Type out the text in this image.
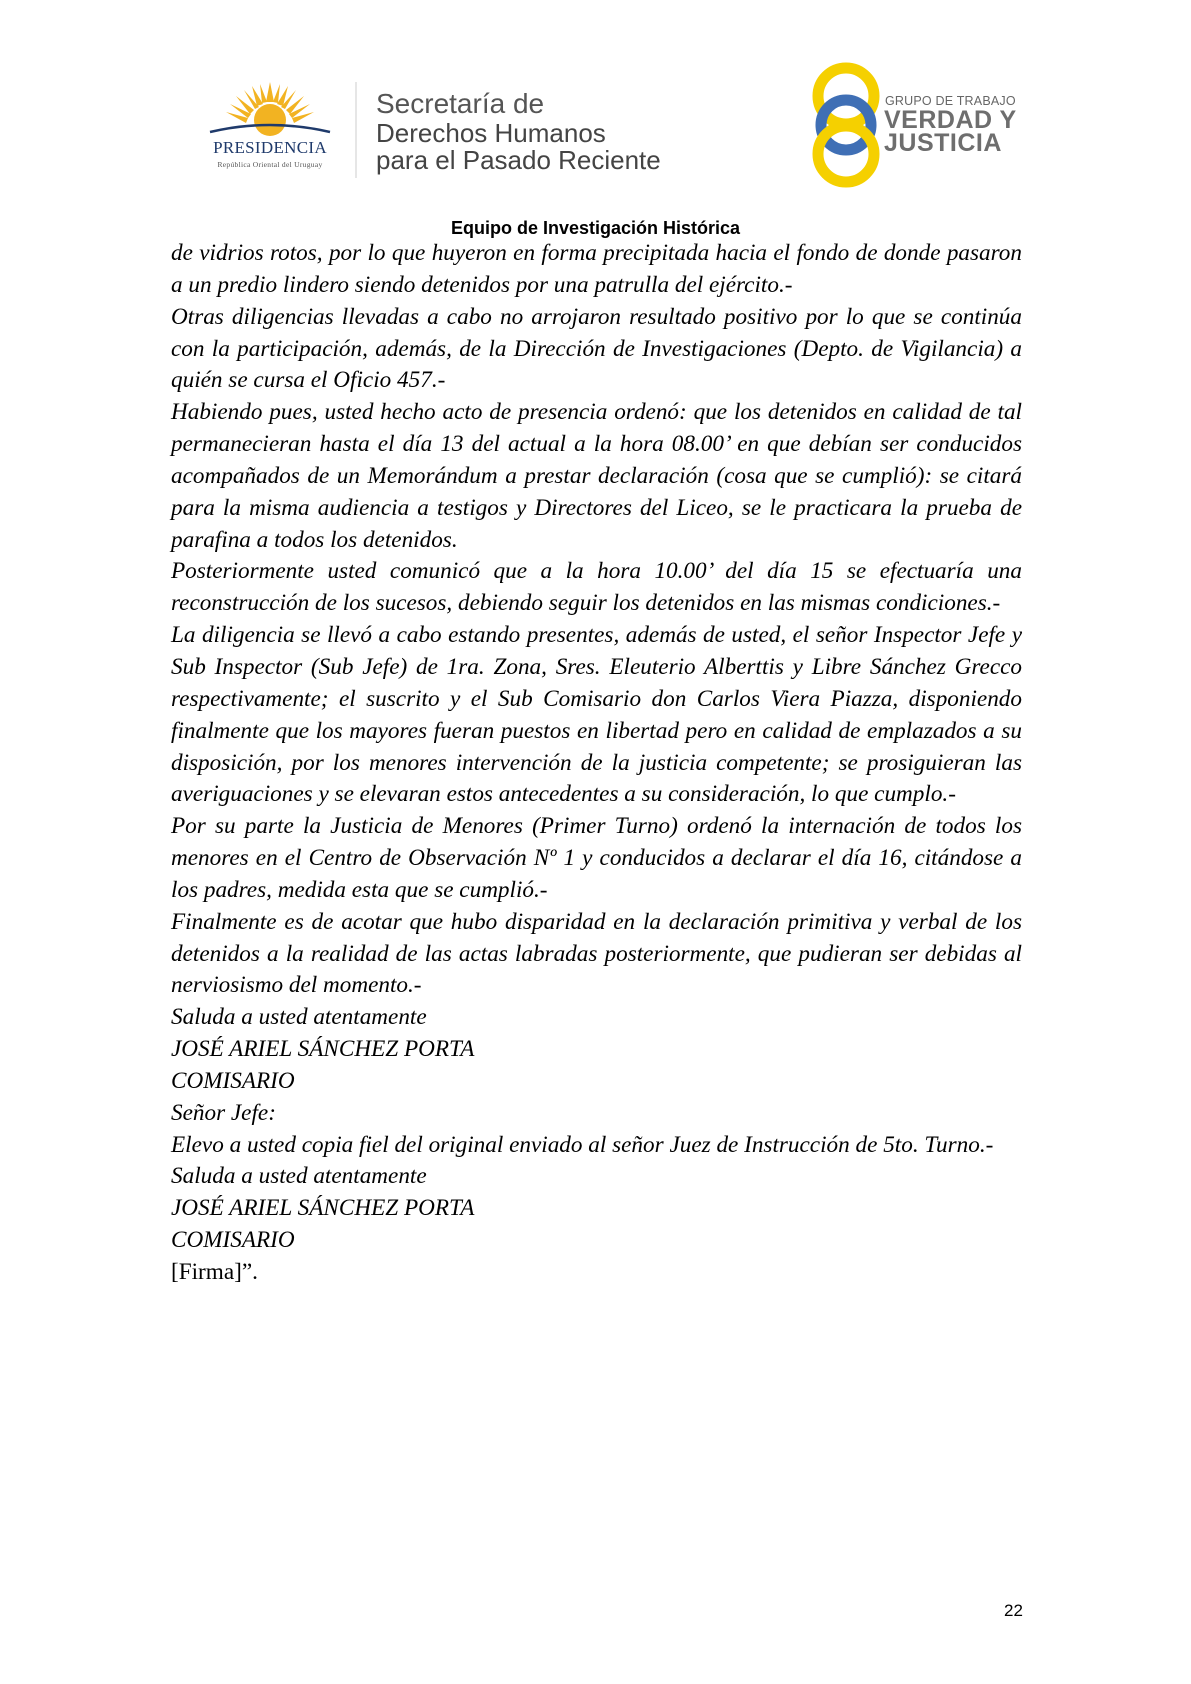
PRESIDENCIA
República Oriental del Uruguay
Secretaría de
Derechos Humanos
para el Pasado Reciente
GRUPO DE TRABAJO
VERDAD Y
JUSTICIA
Equipo de Investigación Histórica

de vidrios rotos, por lo que huyeron en forma precipitada hacia el fondo de donde pasaron a un predio lindero siendo detenidos por una patrulla del ejército.-

Otras diligencias llevadas a cabo no arrojaron resultado positivo por lo que se continúa con la participación, además, de la Dirección de Investigaciones (Depto. de Vigilancia) a quién se cursa el Oficio 457.-

Habiendo pues, usted hecho acto de presencia ordenó: que los detenidos en calidad de tal permanecieran hasta el día 13 del actual a la hora 08.00’ en que debían ser conducidos acompañados de un Memorándum a prestar declaración (cosa que se cumplió): se citará para la misma audiencia a testigos y Directores del Liceo, se le practicara la prueba de parafina a todos los detenidos.

Posteriormente usted comunicó que a la hora 10.00’ del día 15 se efectuaría una reconstrucción de los sucesos, debiendo seguir los detenidos en las mismas condiciones.-

La diligencia se llevó a cabo estando presentes, además de usted, el señor Inspector Jefe y Sub Inspector (Sub Jefe) de 1ra. Zona, Sres. Eleuterio Alberttis y Libre Sánchez Grecco respectivamente; el suscrito y el Sub Comisario don Carlos Viera Piazza, disponiendo finalmente que los mayores fueran puestos en libertad pero en calidad de emplazados a su disposición, por los menores intervención de la justicia competente; se prosiguieran las averiguaciones y se elevaran estos antecedentes a su consideración, lo que cumplo.-

Por su parte la Justicia de Menores (Primer Turno) ordenó la internación de todos los menores en el Centro de Observación Nº 1 y conducidos a declarar el día 16, citándose a los padres, medida esta que se cumplió.-

Finalmente es de acotar que hubo disparidad en la declaración primitiva y verbal de los detenidos a la realidad de las actas labradas posteriormente, que pudieran ser debidas al nerviosismo del momento.-

Saluda a usted atentamente

JOSÉ ARIEL SÁNCHEZ PORTA

COMISARIO

Señor Jefe:

Elevo a usted copia fiel del original enviado al señor Juez de Instrucción de 5to. Turno.-

Saluda a usted atentamente

JOSÉ ARIEL SÁNCHEZ PORTA

COMISARIO

[Firma]”.

22
